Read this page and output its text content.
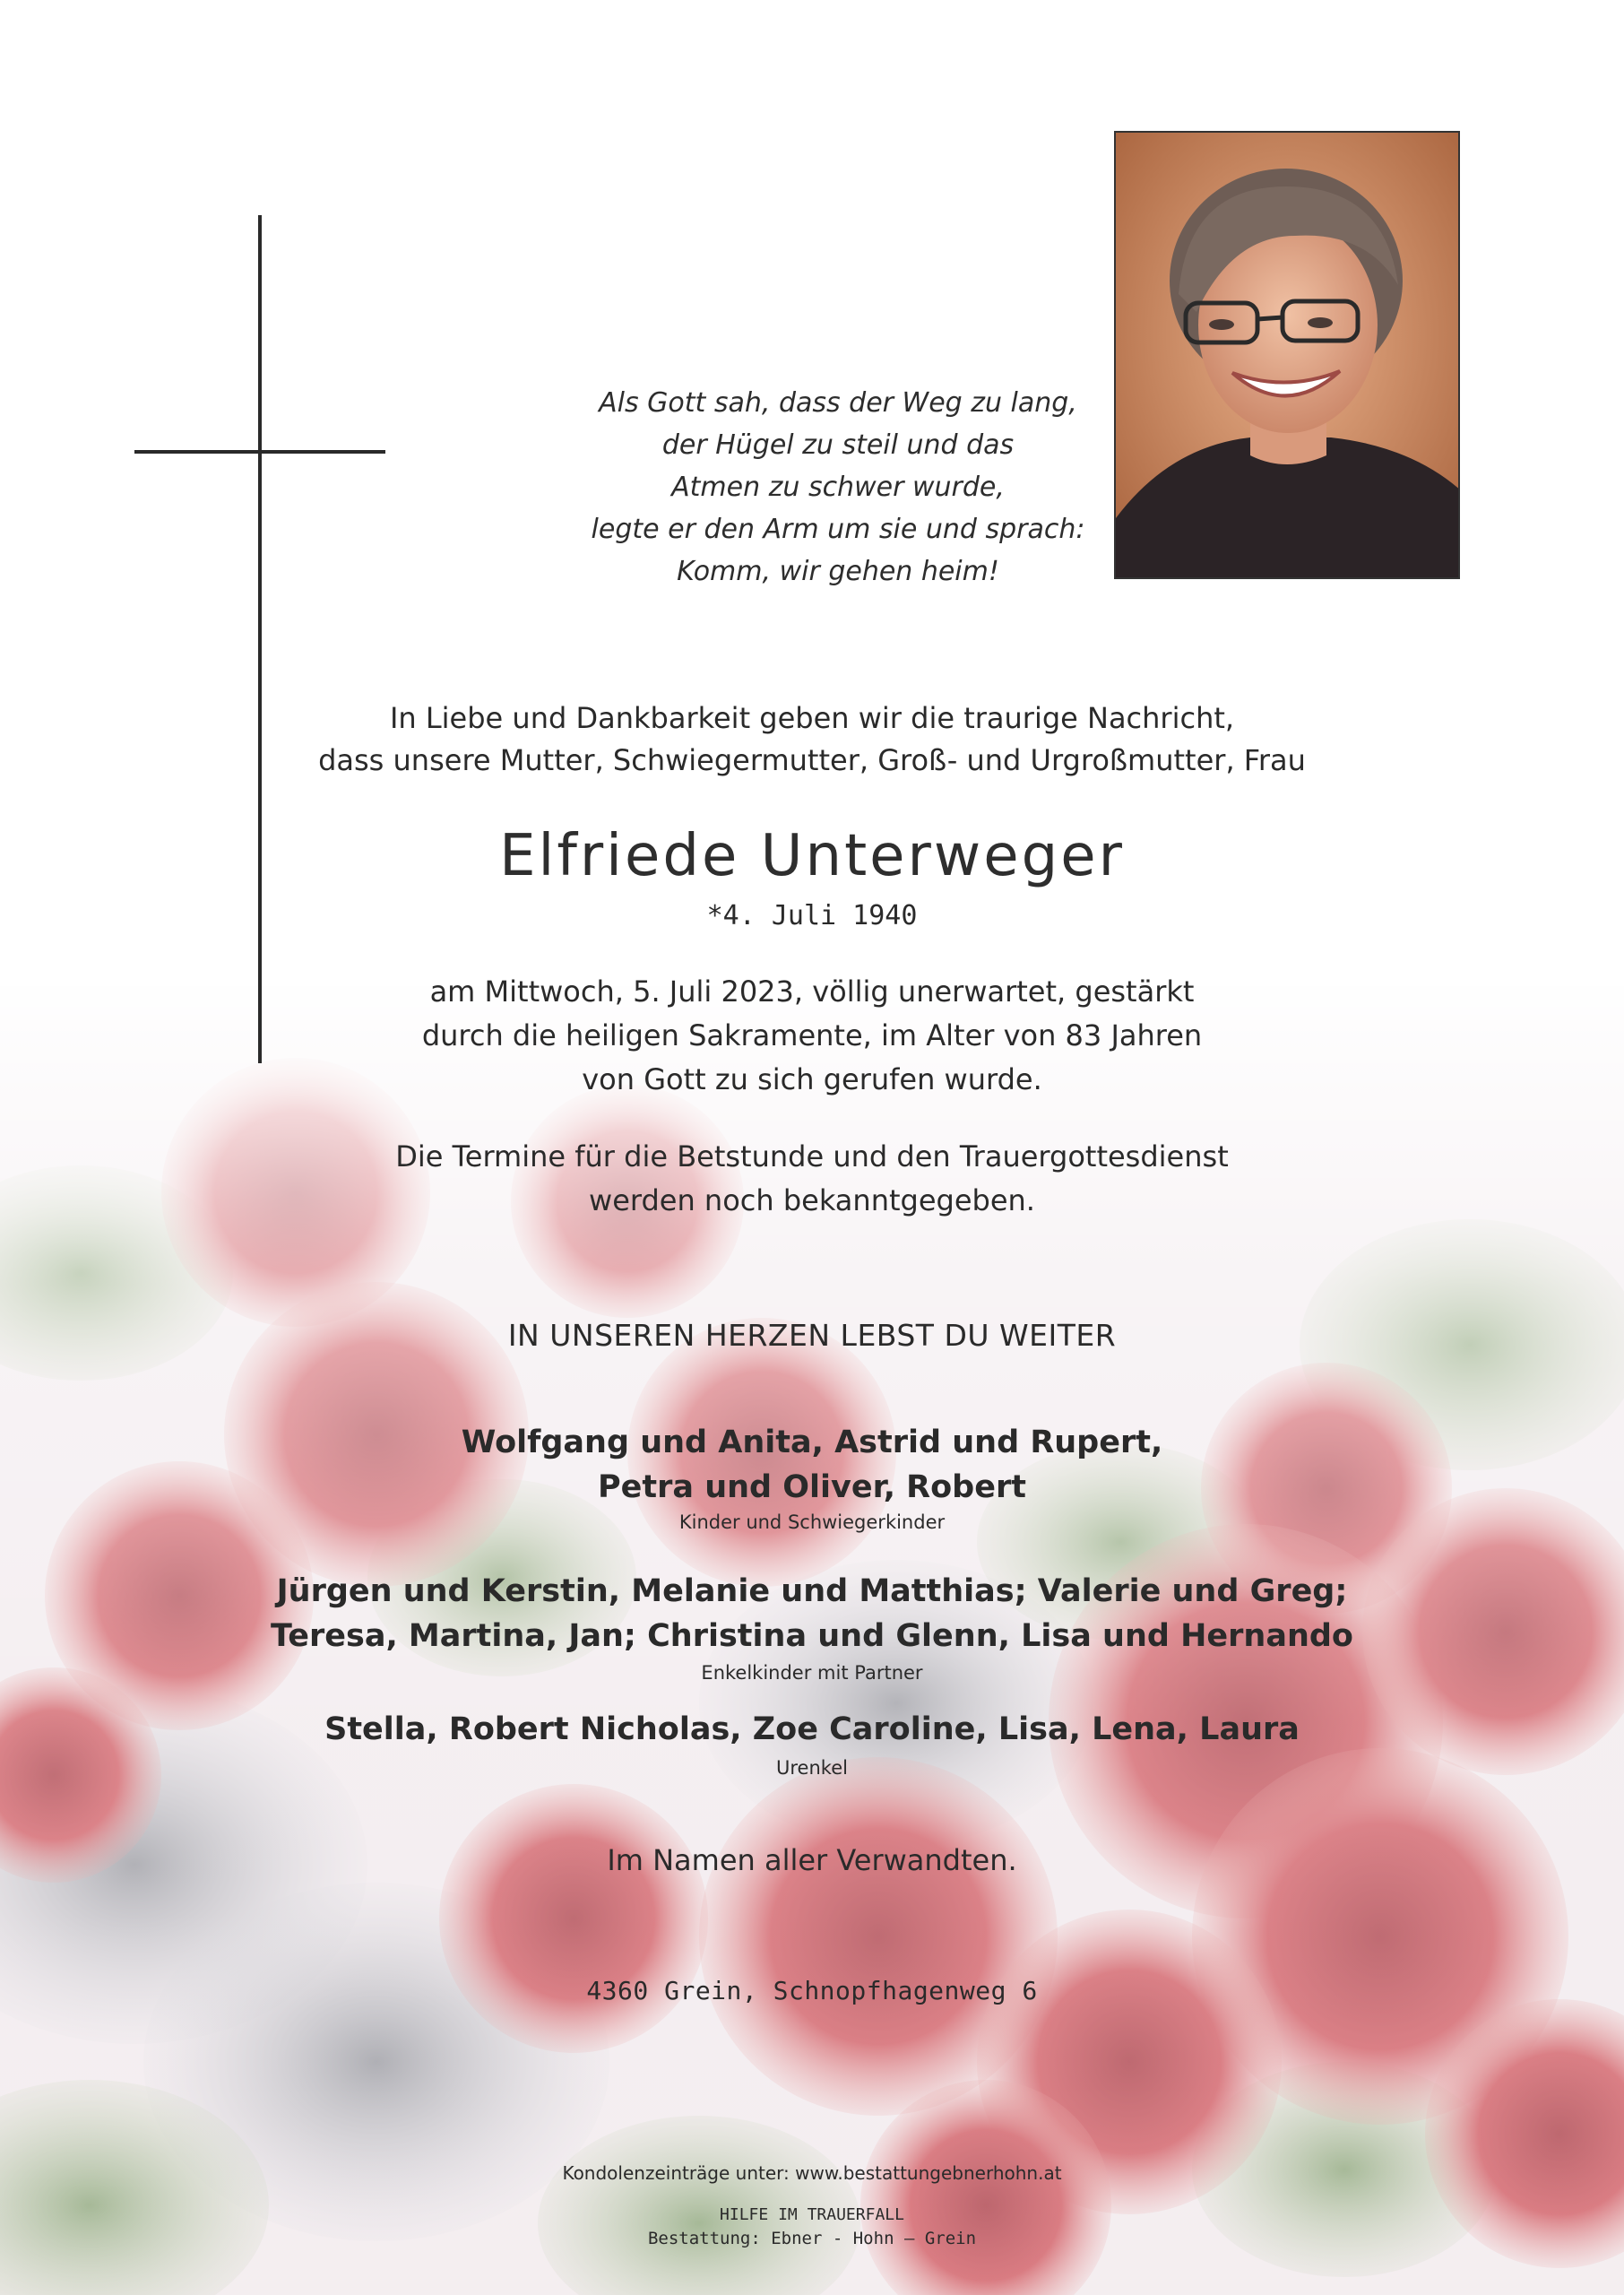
Als Gott sah, dass der Weg zu lang,
der Hügel zu steil und das
Atmen zu schwer wurde,
legte er den Arm um sie und sprach:
Komm, wir gehen heim!
In Liebe und Dankbarkeit geben wir die traurige Nachricht,
dass unsere Mutter, Schwiegermutter, Groß- und Urgroßmutter, Frau
Elfriede Unterweger
*4. Juli 1940
am Mittwoch, 5. Juli 2023, völlig unerwartet, gestärkt
durch die heiligen Sakramente, im Alter von 83 Jahren
von Gott zu sich gerufen wurde.
Die Termine für die Betstunde und den Trauergottesdienst
werden noch bekanntgegeben.
IN UNSEREN HERZEN LEBST DU WEITER
Wolfgang und Anita, Astrid und Rupert,
Petra und Oliver, Robert
Kinder und Schwiegerkinder
Jürgen und Kerstin, Melanie und Matthias; Valerie und Greg;
Teresa, Martina, Jan; Christina und Glenn, Lisa und Hernando
Enkelkinder mit Partner
Stella, Robert Nicholas, Zoe Caroline, Lisa, Lena, Laura
Urenkel
Im Namen aller Verwandten.
4360 Grein, Schnopfhagenweg 6
Kondolenzeinträge unter: www.bestattungebnerhohn.at
HILFE IM TRAUERFALL
Bestattung: Ebner - Hohn – Grein
